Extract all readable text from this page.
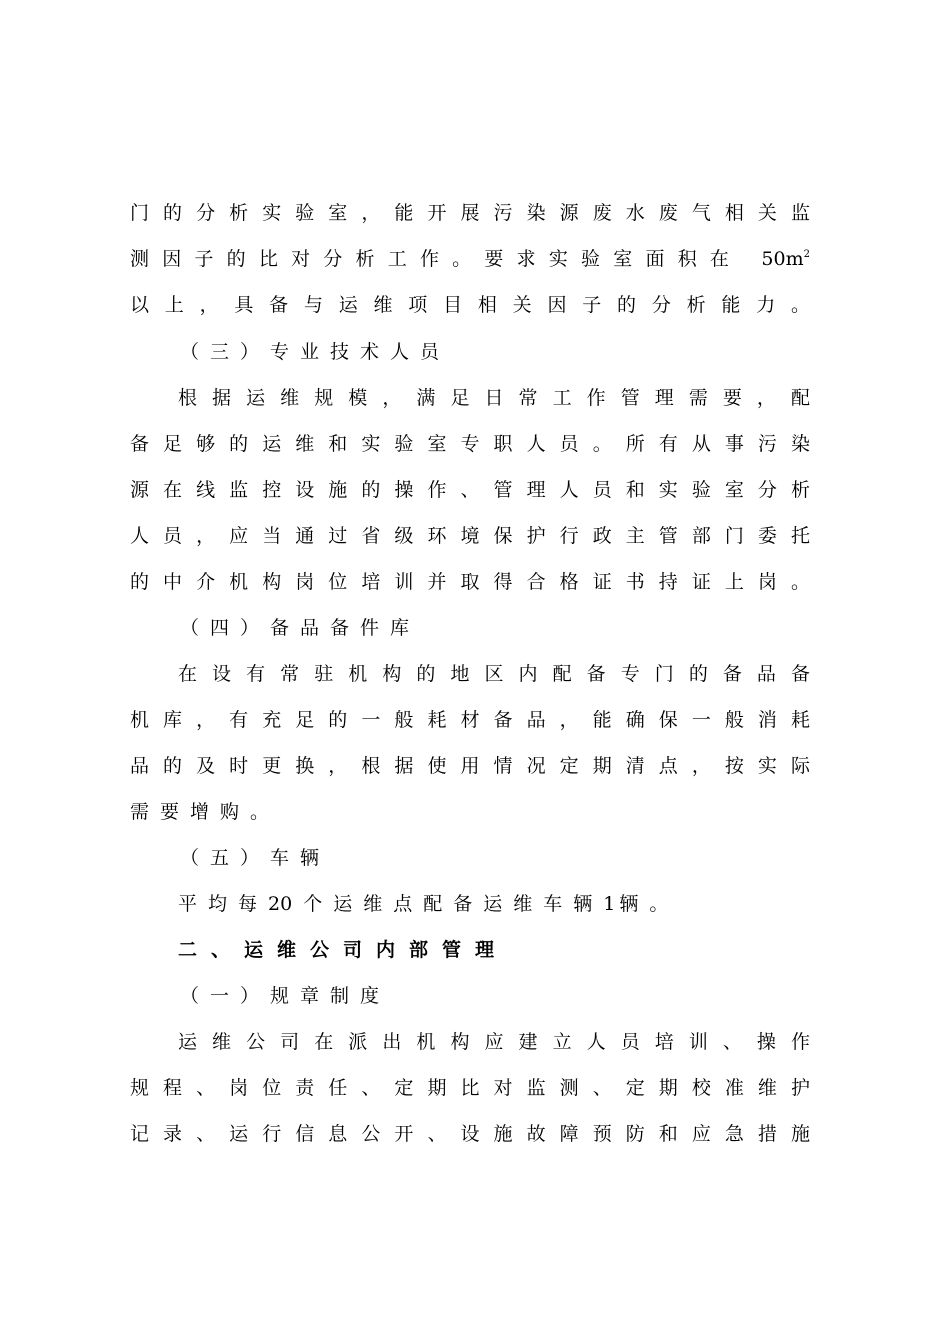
门的分析实验室，能开展污染源废水废气相关监
测因子的比对分析工作。要求实验室面积在 $50m^2$
以上，具备与运维项目相关因子的分析能力。
（三）专业技术人员
根据运维规模，满足日常工作管理需要，配
备足够的运维和实验室专职人员。所有从事污染
源在线监控设施的操作、管理人员和实验室分析
人员，应当通过省级环境保护行政主管部门委托
的中介机构岗位培训并取得合格证书持证上岗。
（四）备品备件库
在设有常驻机构的地区内配备专门的备品备
机库，有充足的一般耗材备品，能确保一般消耗
品的及时更换，根据使用情况定期清点，按实际
需要增购。
（五）车辆
平均每20 个运维点配备运维车辆1 辆。
二、运维公司内部管理
（一）规章制度
运维公司在派出机构应建立人员培训、操作
规程、岗位责任、定期比对监测、定期校准维护
记录、运行信息公开、设施故障预防和应急措施
